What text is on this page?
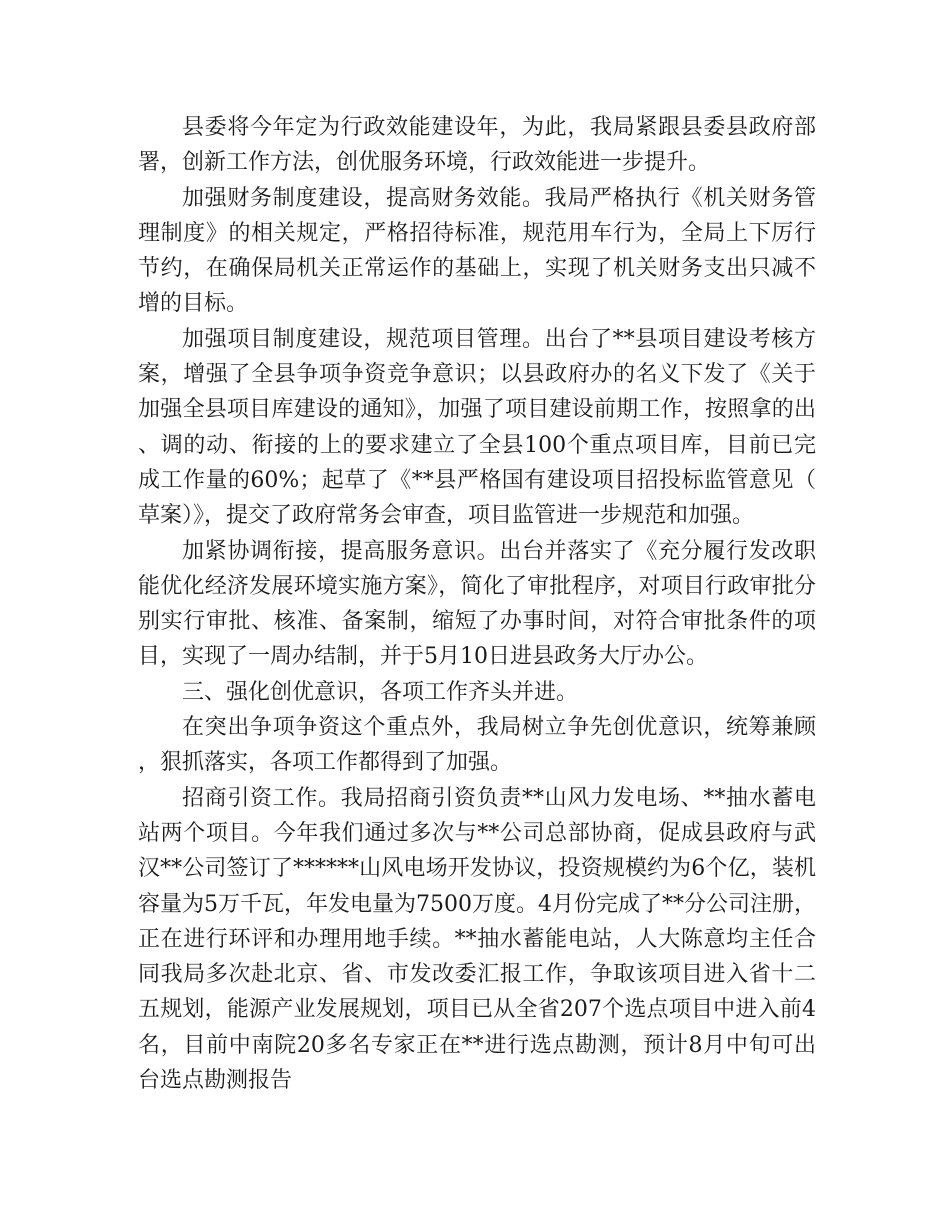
县委将今年定为行政效能建设年，为此，我局紧跟县委县政府部署，创新工作方法，创优服务环境，行政效能进一步提升。

加强财务制度建设，提高财务效能。我局严格执行《机关财务管理制度》的相关规定，严格招待标准，规范用车行为，全局上下厉行节约，在确保局机关正常运作的基础上，实现了机关财务支出只减不增的目标。

加强项目制度建设，规范项目管理。出台了**县项目建设考核方案，增强了全县争项争资竞争意识；以县政府办的名义下发了《关于加强全县项目库建设的通知》，加强了项目建设前期工作，按照拿的出、调的动、衔接的上的要求建立了全县100个重点项目库，目前已完成工作量的60%；起草了《**县严格国有建设项目招投标监管意见（草案）》，提交了政府常务会审查，项目监管进一步规范和加强。

加紧协调衔接，提高服务意识。出台并落实了《充分履行发改职能优化经济发展环境实施方案》，简化了审批程序，对项目行政审批分别实行审批、核准、备案制，缩短了办事时间，对符合审批条件的项目，实现了一周办结制，并于5月10日进县政务大厅办公。

三、强化创优意识，各项工作齐头并进。

在突出争项争资这个重点外，我局树立争先创优意识，统筹兼顾，狠抓落实，各项工作都得到了加强。

招商引资工作。我局招商引资负责**山风力发电场、**抽水蓄电站两个项目。今年我们通过多次与**公司总部协商，促成县政府与武汉**公司签订了******山风电场开发协议，投资规模约为6个亿，装机容量为5万千瓦，年发电量为7500万度。4月份完成了**分公司注册，正在进行环评和办理用地手续。**抽水蓄能电站，人大陈意均主任合同我局多次赴北京、省、市发改委汇报工作，争取该项目进入省十二五规划，能源产业发展规划，项目已从全省207个选点项目中进入前4名，目前中南院20多名专家正在**进行选点勘测，预计8月中旬可出台选点勘测报告
